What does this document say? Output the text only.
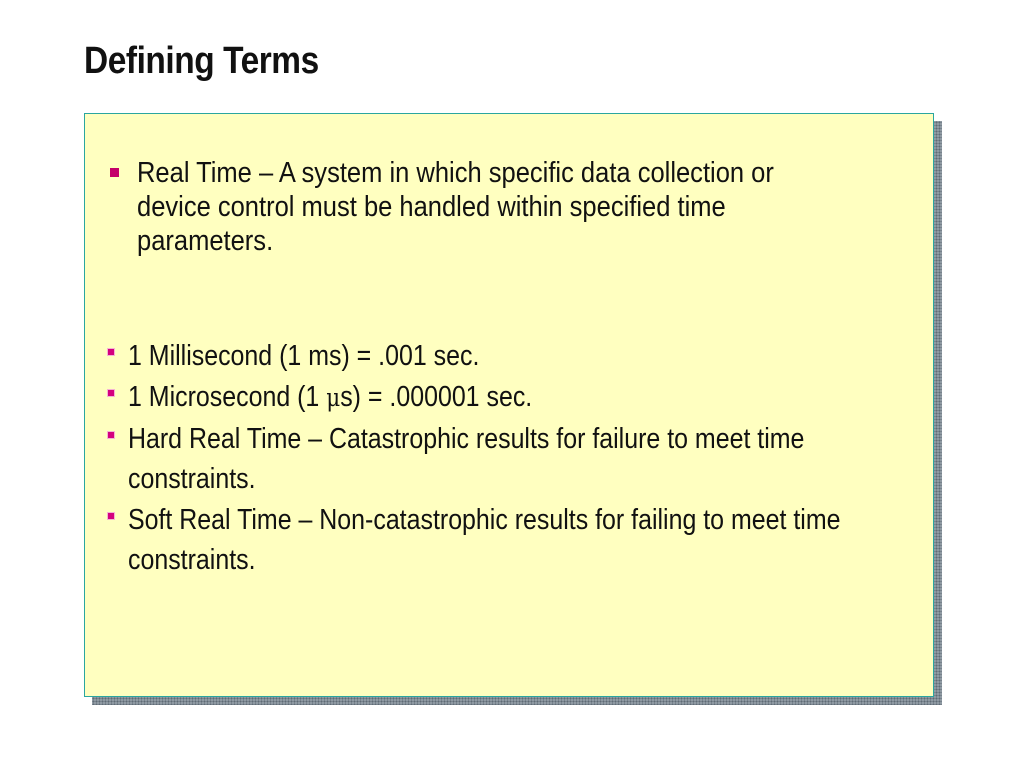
Defining Terms
Real Time – A system in which specific data collection or device control must be handled within specified time parameters.
1 Millisecond (1 ms) = .001 sec.
1 Microsecond (1 μs) = .000001 sec.
Hard Real Time – Catastrophic results for failure to meet time constraints.
Soft Real Time – Non-catastrophic results for failing to meet time constraints.
